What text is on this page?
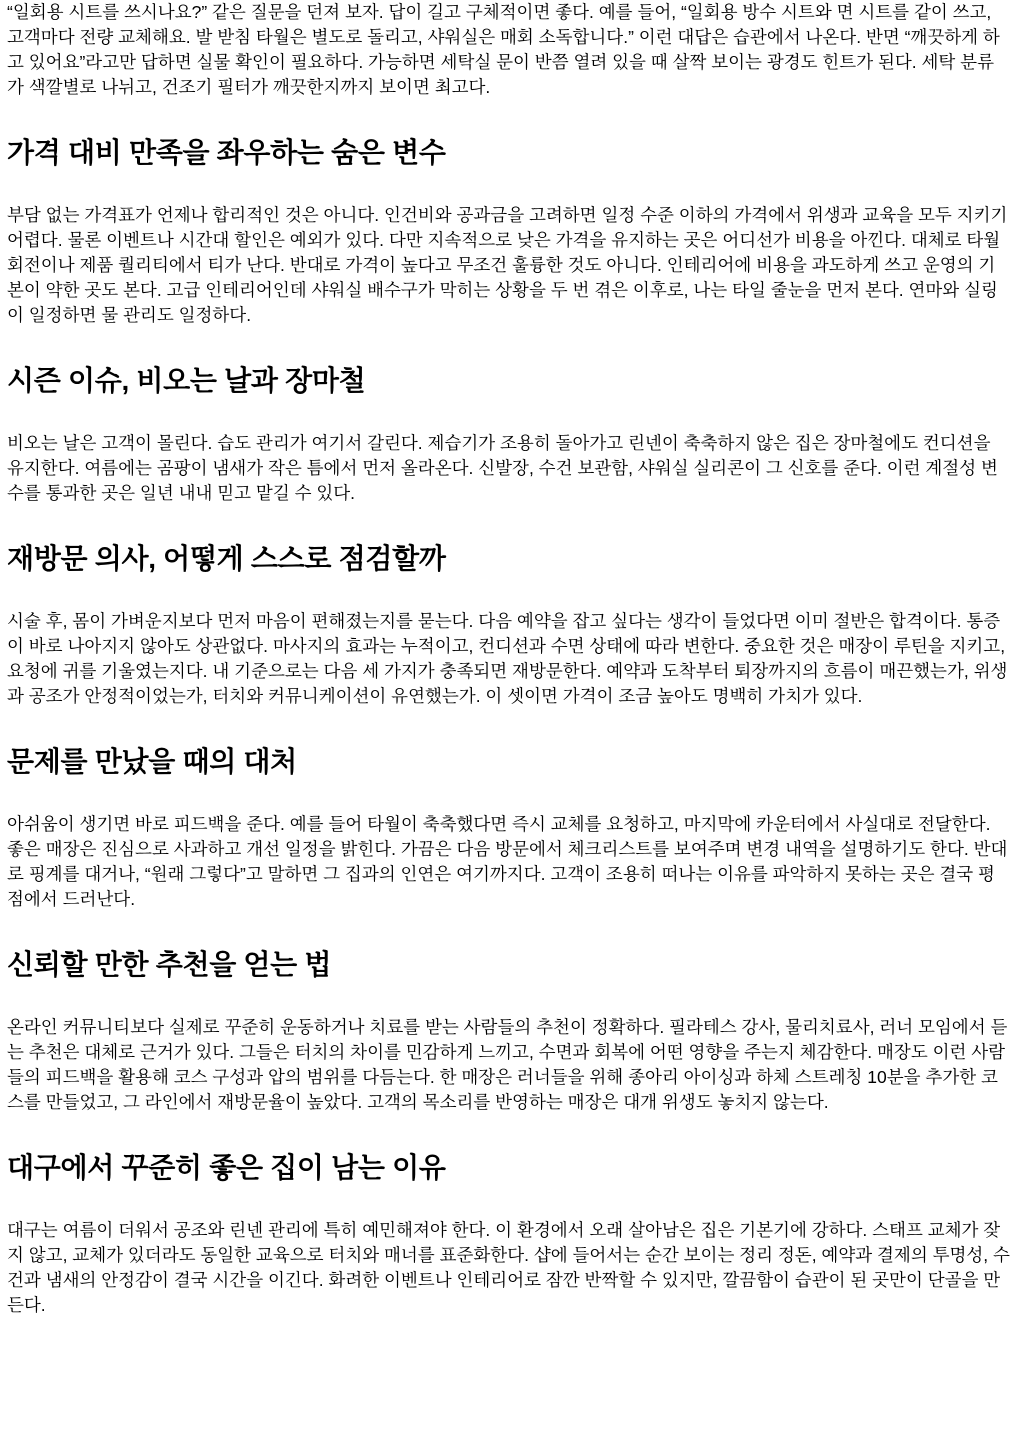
“일회용 시트를 쓰시나요?” 같은 질문을 던져 보자. 답이 길고 구체적이면 좋다. 예를 들어, “일회용 방수 시트와 면 시트를 같이 쓰고, 고객마다 전량 교체해요. 발 받침 타월은 별도로 돌리고, 샤워실은 매회 소독합니다.” 이런 대답은 습관에서 나온다. 반면 “깨끗하게 하고 있어요”라고만 답하면 실물 확인이 필요하다. 가능하면 세탁실 문이 반쯤 열려 있을 때 살짝 보이는 광경도 힌트가 된다. 세탁 분류가 색깔별로 나뉘고, 건조기 필터가 깨끗한지까지 보이면 최고다.

가격 대비 만족을 좌우하는 숨은 변수

부담 없는 가격표가 언제나 합리적인 것은 아니다. 인건비와 공과금을 고려하면 일정 수준 이하의 가격에서 위생과 교육을 모두 지키기 어렵다. 물론 이벤트나 시간대 할인은 예외가 있다. 다만 지속적으로 낮은 가격을 유지하는 곳은 어디선가 비용을 아낀다. 대체로 타월 회전이나 제품 퀄리티에서 티가 난다. 반대로 가격이 높다고 무조건 훌륭한 것도 아니다. 인테리어에 비용을 과도하게 쓰고 운영의 기본이 약한 곳도 본다. 고급 인테리어인데 샤워실 배수구가 막히는 상황을 두 번 겪은 이후로, 나는 타일 줄눈을 먼저 본다. 연마와 실링이 일정하면 물 관리도 일정하다.

시즌 이슈, 비오는 날과 장마철

비오는 날은 고객이 몰린다. 습도 관리가 여기서 갈린다. 제습기가 조용히 돌아가고 린넨이 축축하지 않은 집은 장마철에도 컨디션을 유지한다. 여름에는 곰팡이 냄새가 작은 틈에서 먼저 올라온다. 신발장, 수건 보관함, 샤워실 실리콘이 그 신호를 준다. 이런 계절성 변수를 통과한 곳은 일년 내내 믿고 맡길 수 있다.

재방문 의사, 어떻게 스스로 점검할까

시술 후, 몸이 가벼운지보다 먼저 마음이 편해졌는지를 묻는다. 다음 예약을 잡고 싶다는 생각이 들었다면 이미 절반은 합격이다. 통증이 바로 나아지지 않아도 상관없다. 마사지의 효과는 누적이고, 컨디션과 수면 상태에 따라 변한다. 중요한 것은 매장이 루틴을 지키고, 요청에 귀를 기울였는지다. 내 기준으로는 다음 세 가지가 충족되면 재방문한다. 예약과 도착부터 퇴장까지의 흐름이 매끈했는가, 위생과 공조가 안정적이었는가, 터치와 커뮤니케이션이 유연했는가. 이 셋이면 가격이 조금 높아도 명백히 가치가 있다.

문제를 만났을 때의 대처

아쉬움이 생기면 바로 피드백을 준다. 예를 들어 타월이 축축했다면 즉시 교체를 요청하고, 마지막에 카운터에서 사실대로 전달한다. 좋은 매장은 진심으로 사과하고 개선 일정을 밝힌다. 가끔은 다음 방문에서 체크리스트를 보여주며 변경 내역을 설명하기도 한다. 반대로 핑계를 대거나, “원래 그렇다”고 말하면 그 집과의 인연은 여기까지다. 고객이 조용히 떠나는 이유를 파악하지 못하는 곳은 결국 평점에서 드러난다.

신뢰할 만한 추천을 얻는 법

온라인 커뮤니티보다 실제로 꾸준히 운동하거나 치료를 받는 사람들의 추천이 정확하다. 필라테스 강사, 물리치료사, 러너 모임에서 듣는 추천은 대체로 근거가 있다. 그들은 터치의 차이를 민감하게 느끼고, 수면과 회복에 어떤 영향을 주는지 체감한다. 매장도 이런 사람들의 피드백을 활용해 코스 구성과 압의 범위를 다듬는다. 한 매장은 러너들을 위해 종아리 아이싱과 하체 스트레칭 10분을 추가한 코스를 만들었고, 그 라인에서 재방문율이 높았다. 고객의 목소리를 반영하는 매장은 대개 위생도 놓치지 않는다.

대구에서 꾸준히 좋은 집이 남는 이유

대구는 여름이 더워서 공조와 린넨 관리에 특히 예민해져야 한다. 이 환경에서 오래 살아남은 집은 기본기에 강하다. 스태프 교체가 잦지 않고, 교체가 있더라도 동일한 교육으로 터치와 매너를 표준화한다. 샵에 들어서는 순간 보이는 정리 정돈, 예약과 결제의 투명성, 수건과 냄새의 안정감이 결국 시간을 이긴다. 화려한 이벤트나 인테리어로 잠깐 반짝할 수 있지만, 깔끔함이 습관이 된 곳만이 단골을 만든다.
